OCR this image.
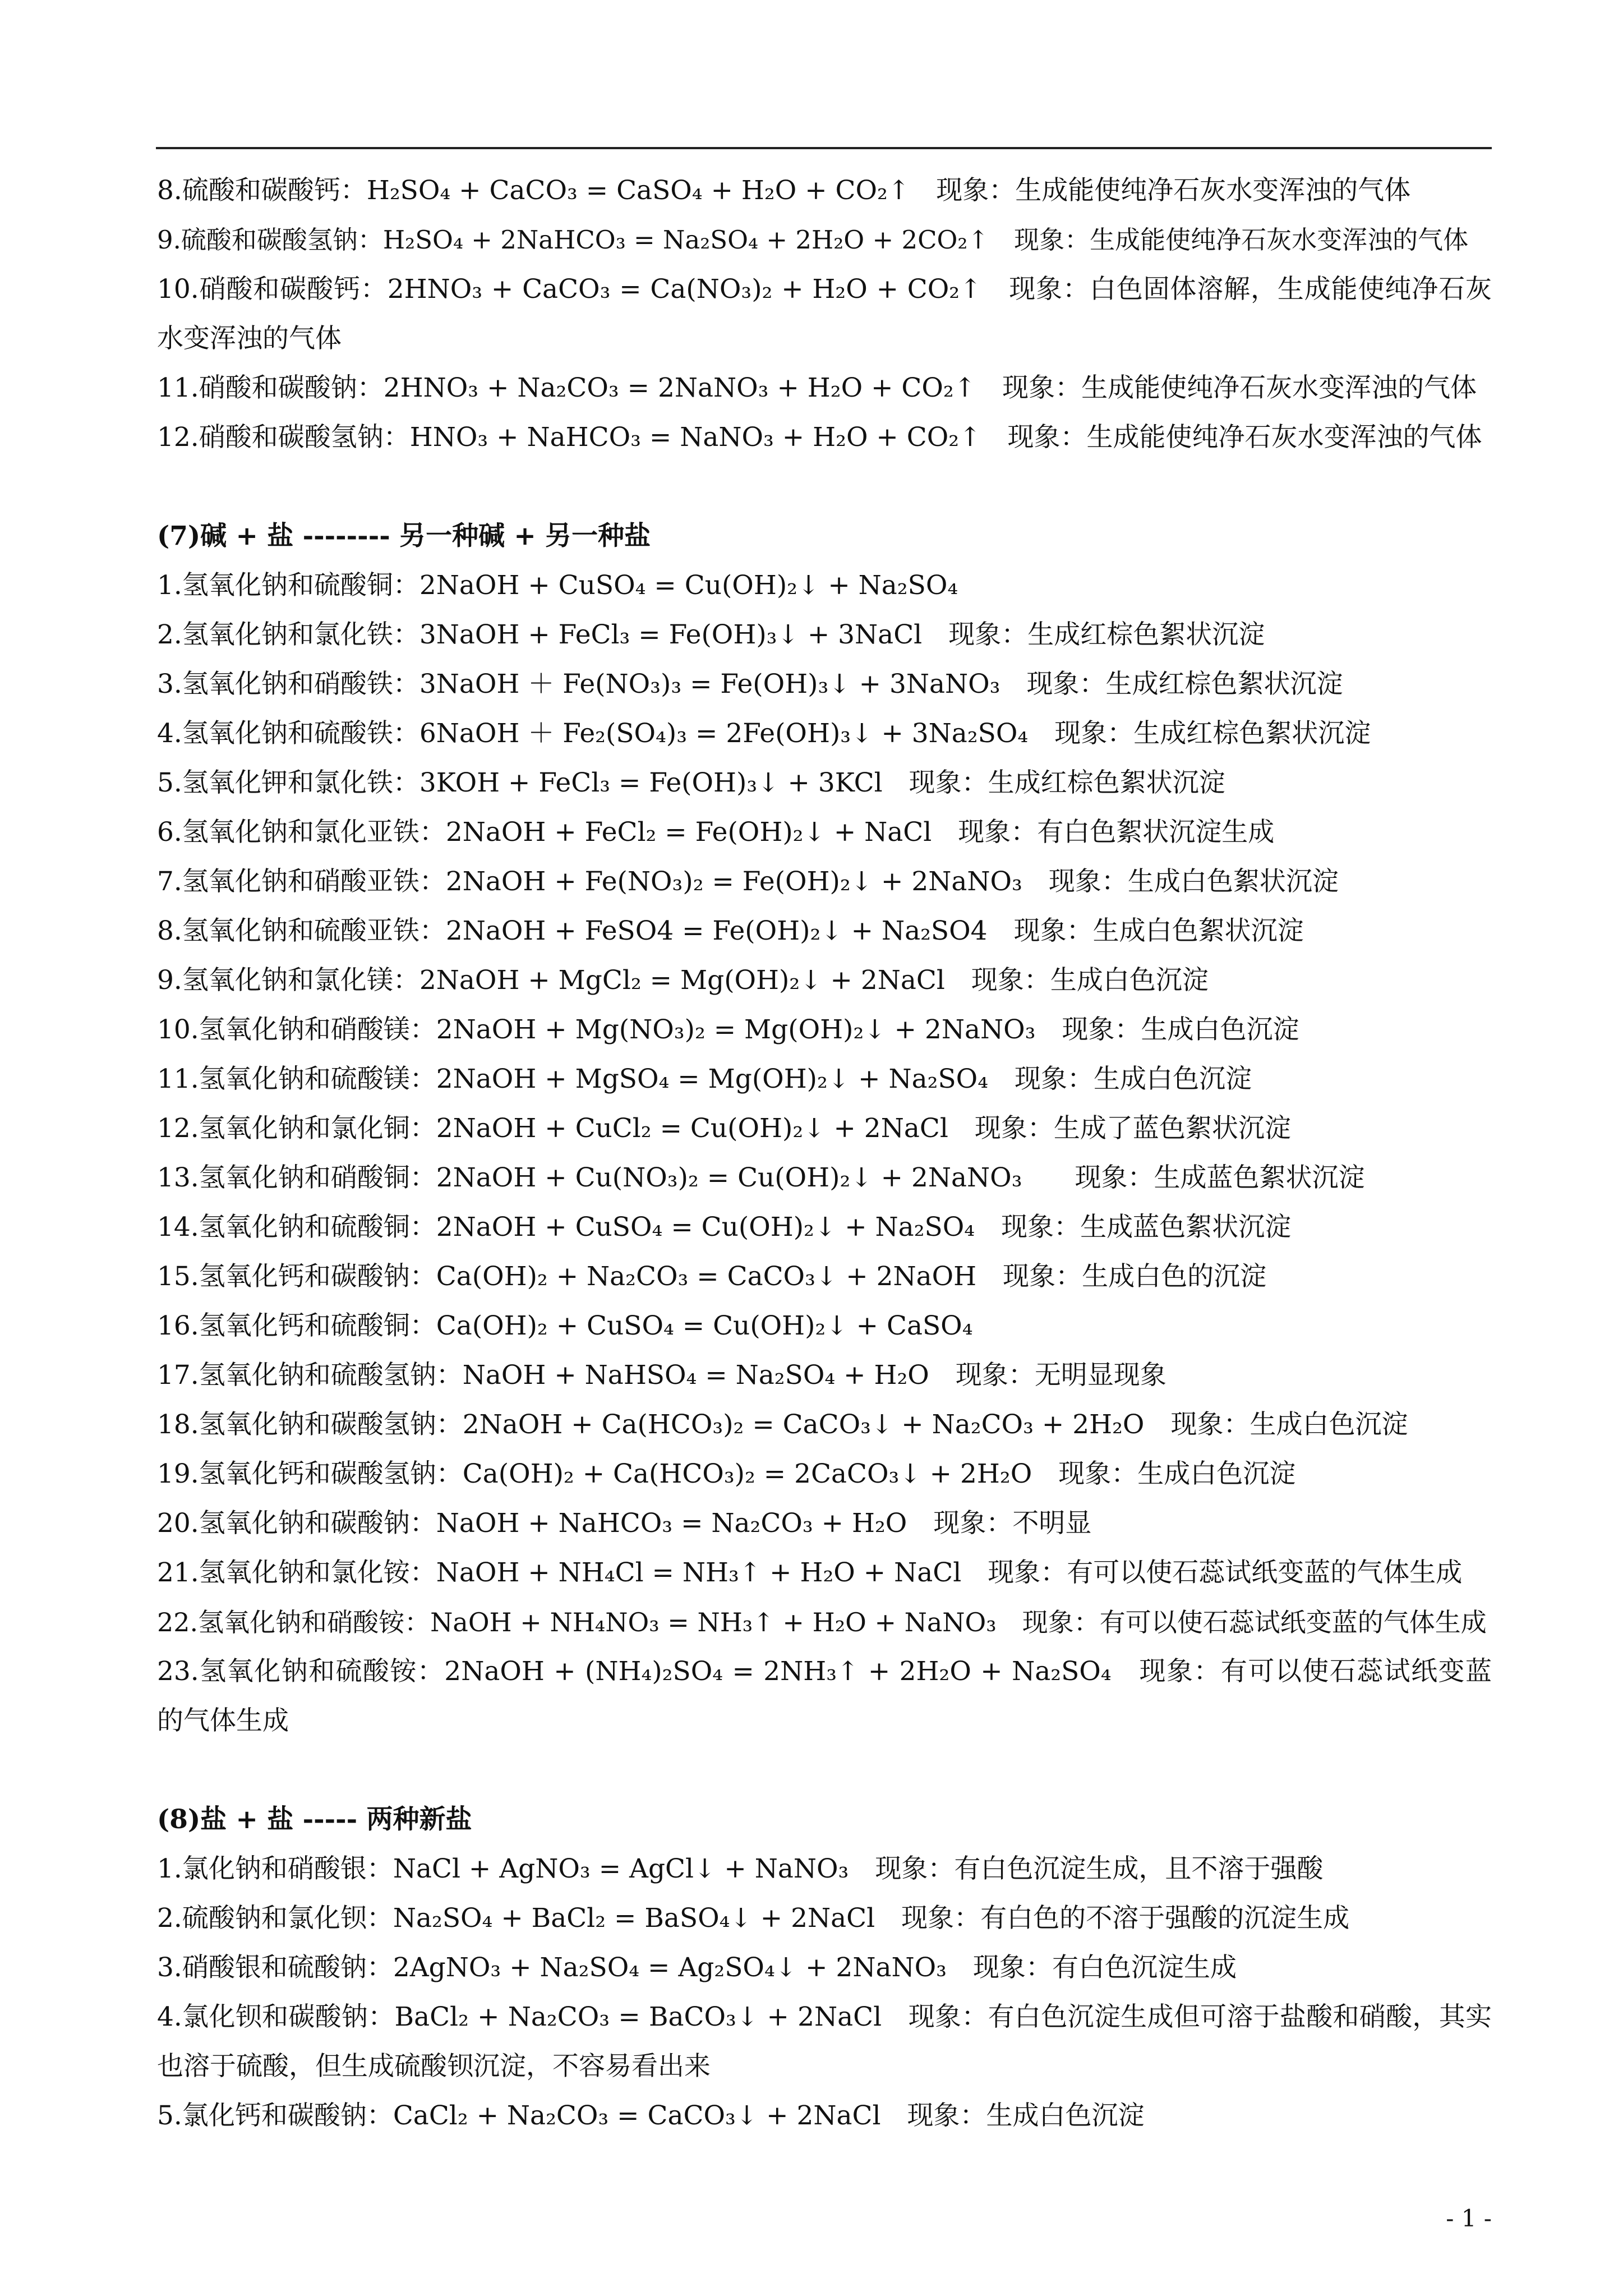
8.硫酸和碳酸钙：H₂SO₄ + CaCO₃ = CaSO₄ + H₂O + CO₂↑　现象：生成能使纯净石灰水变浑浊的气体
9.硫酸和碳酸氢钠：H₂SO₄ + 2NaHCO₃ = Na₂SO₄ + 2H₂O + 2CO₂↑　现象：生成能使纯净石灰水变浑浊的气体
10.硝酸和碳酸钙：2HNO₃ + CaCO₃ = Ca(NO₃)₂ + H₂O + CO₂↑　现象：白色固体溶解，生成能使纯净石灰水变浑浊的气体
11.硝酸和碳酸钠：2HNO₃ + Na₂CO₃ = 2NaNO₃ + H₂O + CO₂↑　现象：生成能使纯净石灰水变浑浊的气体
12.硝酸和碳酸氢钠：HNO₃ + NaHCO₃ = NaNO₃ + H₂O + CO₂↑　现象：生成能使纯净石灰水变浑浊的气体
(7)碱 + 盐 -------- 另一种碱 + 另一种盐
1.氢氧化钠和硫酸铜：2NaOH + CuSO₄ = Cu(OH)₂↓ + Na₂SO₄
2.氢氧化钠和氯化铁：3NaOH + FeCl₃ = Fe(OH)₃↓ + 3NaCl　现象：生成红棕色絮状沉淀
3.氢氧化钠和硝酸铁：3NaOH ＋ Fe(NO₃)₃ = Fe(OH)₃↓ + 3NaNO₃　现象：生成红棕色絮状沉淀
4.氢氧化钠和硫酸铁：6NaOH ＋ Fe₂(SO₄)₃ = 2Fe(OH)₃↓ + 3Na₂SO₄　现象：生成红棕色絮状沉淀
5.氢氧化钾和氯化铁：3KOH + FeCl₃ = Fe(OH)₃↓ + 3KCl　现象：生成红棕色絮状沉淀
6.氢氧化钠和氯化亚铁：2NaOH + FeCl₂ = Fe(OH)₂↓ + NaCl　现象：有白色絮状沉淀生成
7.氢氧化钠和硝酸亚铁：2NaOH + Fe(NO₃)₂ = Fe(OH)₂↓ + 2NaNO₃　现象：生成白色絮状沉淀
8.氢氧化钠和硫酸亚铁：2NaOH + FeSO4 = Fe(OH)₂↓ + Na₂SO4　现象：生成白色絮状沉淀
9.氢氧化钠和氯化镁：2NaOH + MgCl₂ = Mg(OH)₂↓ + 2NaCl　现象：生成白色沉淀
10.氢氧化钠和硝酸镁：2NaOH + Mg(NO₃)₂ = Mg(OH)₂↓ + 2NaNO₃　现象：生成白色沉淀
11.氢氧化钠和硫酸镁：2NaOH + MgSO₄ = Mg(OH)₂↓ + Na₂SO₄　现象：生成白色沉淀
12.氢氧化钠和氯化铜：2NaOH + CuCl₂ = Cu(OH)₂↓ + 2NaCl　现象：生成了蓝色絮状沉淀
13.氢氧化钠和硝酸铜：2NaOH + Cu(NO₃)₂ = Cu(OH)₂↓ + 2NaNO₃　　现象：生成蓝色絮状沉淀
14.氢氧化钠和硫酸铜：2NaOH + CuSO₄ = Cu(OH)₂↓ + Na₂SO₄　现象：生成蓝色絮状沉淀
15.氢氧化钙和碳酸钠：Ca(OH)₂ + Na₂CO₃ = CaCO₃↓ + 2NaOH　现象：生成白色的沉淀
16.氢氧化钙和硫酸铜：Ca(OH)₂ + CuSO₄ = Cu(OH)₂↓ + CaSO₄
17.氢氧化钠和硫酸氢钠：NaOH + NaHSO₄ = Na₂SO₄ + H₂O　现象：无明显现象
18.氢氧化钠和碳酸氢钠：2NaOH + Ca(HCO₃)₂ = CaCO₃↓ + Na₂CO₃ + 2H₂O　现象：生成白色沉淀
19.氢氧化钙和碳酸氢钠：Ca(OH)₂ + Ca(HCO₃)₂ = 2CaCO₃↓ + 2H₂O　现象：生成白色沉淀
20.氢氧化钠和碳酸钠：NaOH + NaHCO₃ = Na₂CO₃ + H₂O　现象：不明显
21.氢氧化钠和氯化铵：NaOH + NH₄Cl = NH₃↑ + H₂O + NaCl　现象：有可以使石蕊试纸变蓝的气体生成
22.氢氧化钠和硝酸铵：NaOH + NH₄NO₃ = NH₃↑ + H₂O + NaNO₃　现象：有可以使石蕊试纸变蓝的气体生成
23.氢氧化钠和硫酸铵：2NaOH + (NH₄)₂SO₄ = 2NH₃↑ + 2H₂O + Na₂SO₄　现象：有可以使石蕊试纸变蓝的气体生成
(8)盐 + 盐 ----- 两种新盐
1.氯化钠和硝酸银：NaCl + AgNO₃ = AgCl↓ + NaNO₃　现象：有白色沉淀生成，且不溶于强酸
2.硫酸钠和氯化钡：Na₂SO₄ + BaCl₂ = BaSO₄↓ + 2NaCl　现象：有白色的不溶于强酸的沉淀生成
3.硝酸银和硫酸钠：2AgNO₃ + Na₂SO₄ = Ag₂SO₄↓ + 2NaNO₃　现象：有白色沉淀生成
4.氯化钡和碳酸钠：BaCl₂ + Na₂CO₃ = BaCO₃↓ + 2NaCl　现象：有白色沉淀生成但可溶于盐酸和硝酸，其实也溶于硫酸，但生成硫酸钡沉淀，不容易看出来
5.氯化钙和碳酸钠：CaCl₂ + Na₂CO₃ = CaCO₃↓ + 2NaCl　现象：生成白色沉淀
- 1 -
